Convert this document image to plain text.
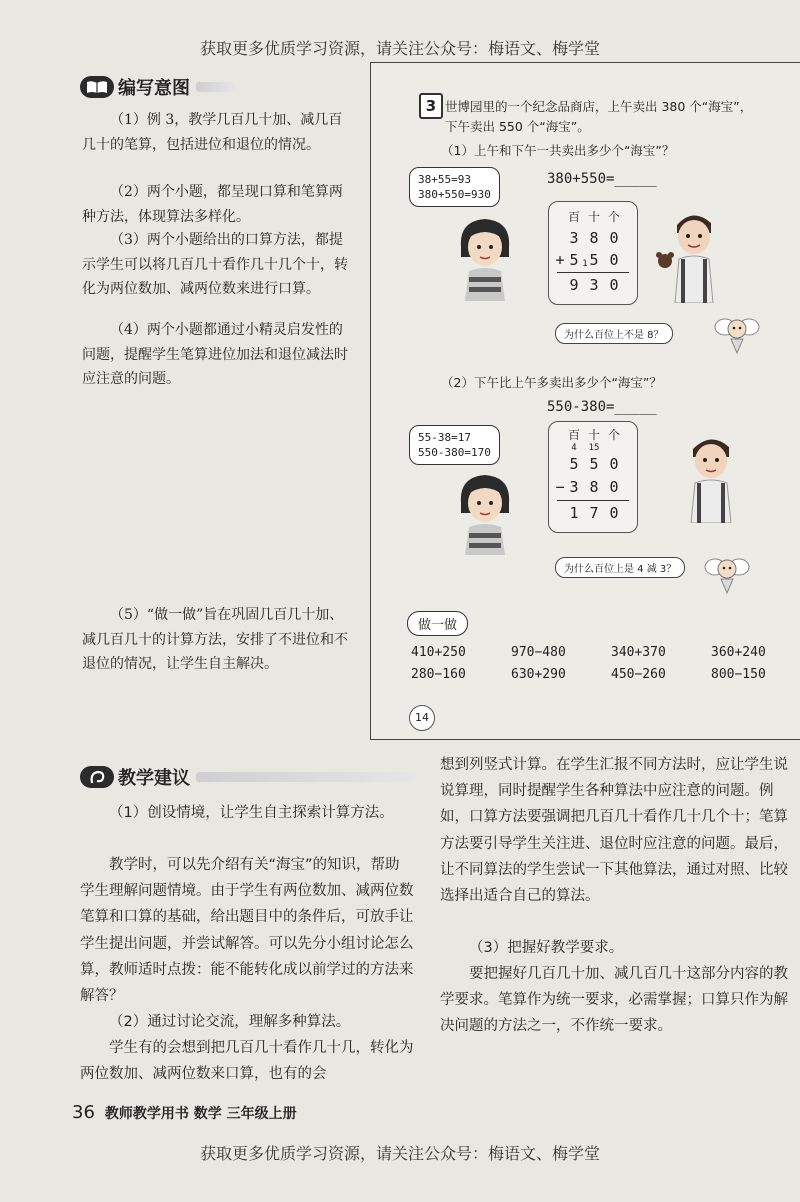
获取更多优质学习资源，请关注公众号：梅语文、梅学堂
编写意图

（1）例 3，教学几百几十加、减几百几十的笔算，包括进位和退位的情况。

（2）两个小题，都呈现口算和笔算两种方法，体现算法多样化。

（3）两个小题给出的口算方法，都提示学生可以将几百几十看作几十几个十，转化为两位数加、减两位数来进行口算。

（4）两个小题都通过小精灵启发性的问题，提醒学生笔算进位加法和退位减法时应注意的问题。

（5）“做一做”旨在巩固几百几十加、减几百几十的计算方法，安排了不进位和不退位的情况，让学生自主解决。

3 世博园里的一个纪念品商店，上午卖出 380 个“海宝”，
下午卖出 550 个“海宝”。
（1）上午和下午一共卖出多少个“海宝”？
38+55=93
380+550=930
380+550=_____
百 十 个
3 8 0
+ 5 1 5 0
9 3 0
为什么百位上不是 8？
（2）下午比上午多卖出多少个“海宝”？
550-380=_____
55-38=17
550-380=170
百 十 个
4	15
5 5 0
− 3 8 0
1 7 0
为什么百位上是 4 减 3？
做一做
410+250	970−480	340+370	360+240
280−160	630+290	450−260	800−150
14
教学建议

（1）创设情境，让学生自主探索计算方法。

教学时，可以先介绍有关“海宝”的知识，帮助学生理解问题情境。由于学生有两位数加、减两位数笔算和口算的基础，给出题目中的条件后，可放手让学生提出问题，并尝试解答。可以先分小组讨论怎么算，教师适时点拨：能不能转化成以前学过的方法来解答？

（2）通过讨论交流，理解多种算法。

学生有的会想到把几百几十看作几十几，转化为两位数加、减两位数来口算，也有的会

想到列竖式计算。在学生汇报不同方法时，应让学生说说算理，同时提醒学生各种算法中应注意的问题。例如，口算方法要强调把几百几十看作几十几个十；笔算方法要引导学生关注进、退位时应注意的问题。最后，让不同算法的学生尝试一下其他算法，通过对照、比较选择出适合自己的算法。

（3）把握好教学要求。

要把握好几百几十加、减几百几十这部分内容的教学要求。笔算作为统一要求，必需掌握；口算只作为解决问题的方法之一，不作统一要求。

36 教师教学用书 数学 三年级上册
获取更多优质学习资源，请关注公众号：梅语文、梅学堂
